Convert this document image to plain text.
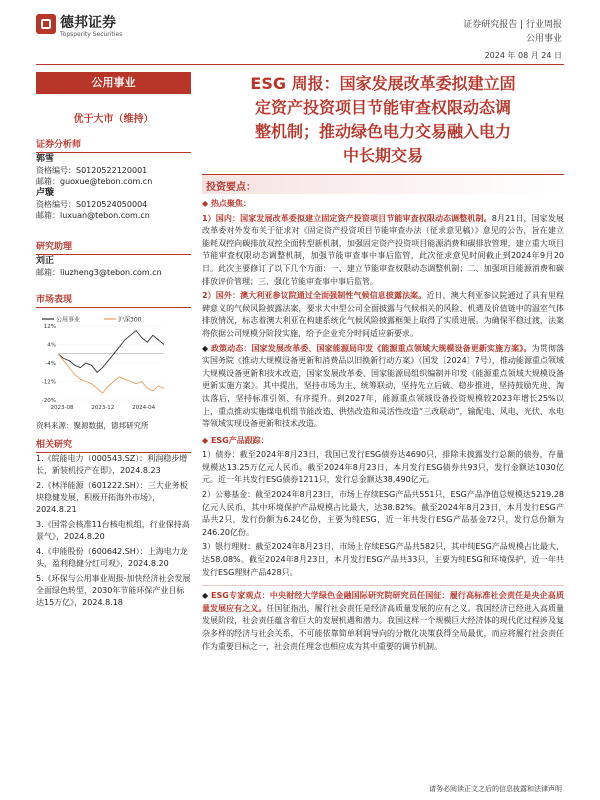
德邦证券
Topsperity Securities
证券研究报告 | 行业周报
公用事业
2024 年 08 月 24 日
公用事业
优于大市（维持）
证券分析师
郭雪
资格编号：S0120522120001
邮箱：guoxue@tebon.com.cn
卢璇
资格编号：S0120524050004
邮箱：luxuan@tebon.com.cn
研究助理
刘正
邮箱：liuzheng3@tebon.com.cn
市场表现
公用事业	沪深300
12%
4%
-4%
-12%
-20%
2023-08	2023-12	2024-04
资料来源：聚源数据，德邦研究所
相关研究

1.《皖能电力（000543.SZ）：利润稳步增长，新装机投产在即》，2024.8.23

2.《林洋能源（601222.SH）：三大业务板块稳健发展，积极开拓海外市场》，2024.8.21

3.《国常会核准11台核电机组，行业保持高景气》，2024.8.20

4.《申能股份（600642.SH）：上海电力龙头，盈利稳健分红可观》，2024.8.20

5.《环保与公用事业周报-加快经济社会发展全面绿色转型，2030年节能环保产业目标达15万亿》，2024.8.18

ESG 周报：国家发展改革委拟建立固
定资产投资项目节能审查权限动态调
整机制；推动绿色电力交易融入电力
中长期交易
投资要点：

◆ 热点聚焦：

1）国内：国家发展改革委拟建立固定资产投资项目节能审查权限动态调整机制。8月21日，国家发展改革委对外发布关于征求对《固定资产投资项目节能审查办法（征求意见稿）》意见的公告，旨在建立能耗双控向碳排放双控全面转型新机制，加强固定资产投资项目能源消费和碳排放管理，建立重大项目节能审查权限动态调整机制，加强节能审查事中事后监管，此次征求意见时间截止到2024年9月20日。此次主要修订了以下几个方面：一、建立节能审查权限动态调整机制；二、加强项目能源消费和碳排放评价管理；三、强化节能审查事中事后监管。

2）国外：澳大利亚参议院通过全面强制性气候信息披露法案。近日，澳大利亚参议院通过了具有里程碑意义的气候风险披露法案，要求大中型公司全面披露与气候相关的风险、机遇及价值链中的温室气体排放情况，标志着澳大利亚在构建系统化气候风险披露框架上取得了实质进展。为确保平稳过渡，法案将依据公司规模分阶段实施，给予企业充分时间适应新要求。

◆ 政策动态：国家发展改革委、国家能源局印发《能源重点领域大规模设备更新实施方案》。为贯彻落实国务院《推动大规模设备更新和消费品以旧换新行动方案》（国发〔2024〕7号），推动能源重点领域大规模设备更新和技术改造，国家发展改革委、国家能源局组织编制并印发《能源重点领域大规模设备更新实施方案》。其中提出，坚持市场为主、统筹联动，坚持先立后破、稳步推进，坚持鼓励先进、淘汰落后，坚持标准引领、有序提升。到2027年，能源重点领域设备投资规模较2023年增长25%以上，重点推动实施煤电机组节能改造、供热改造和灵活性改造“三改联动”，输配电、风电、光伏、水电等领域实现设备更新和技术改造。

◆ ESG产品跟踪：

1）债券：截至2024年8月23日，我国已发行ESG债券达4690只，排除未披露发行总额的债券，存量规模达13.25万亿元人民币。截至2024年8月23日，本月发行ESG债券共93只，发行金额达1030亿元。近一年共发行ESG债券1211只，发行总金额达38,490亿元。

2）公募基金：截至2024年8月23日，市场上存续ESG产品共551只，ESG产品净值总规模达5219.28亿元人民币，其中环境保护产品规模占比最大，达38.82%。截至2024年8月23日，本月发行ESG产品共2只，发行份额为6.24亿份，主要为纯ESG，近一年共发行ESG产品基金72只，发行总份额为246.20亿份。

3）银行理财：截至2024年8月23日，市场上存续ESG产品共582只，其中纯ESG产品规模占比最大，达58.08%。截至2024年8月23日，本月发行ESG产品共33只，主要为纯ESG和环境保护，近一年共发行ESG理财产品428只。

◆ ESG专家观点：中央财经大学绿色金融国际研究院研究员任国征：履行高标准社会责任是央企高质量发展应有之义。任国征指出，履行社会责任是经济高质量发展的应有之义。我国经济已经进入高质量发展阶段，社会责任蕴含着巨大的发展机遇和潜力。我国这样一个规模巨大经济体的现代化过程涉及复杂多样的经济与社会关系，不可能依靠简单利润导向的分散化决策获得全局最优，而应将履行社会责任作为重要目标之一，社会责任理念也相应成为其中重要的调节机制。

请务必阅读正文之后的信息披露和法律声明
